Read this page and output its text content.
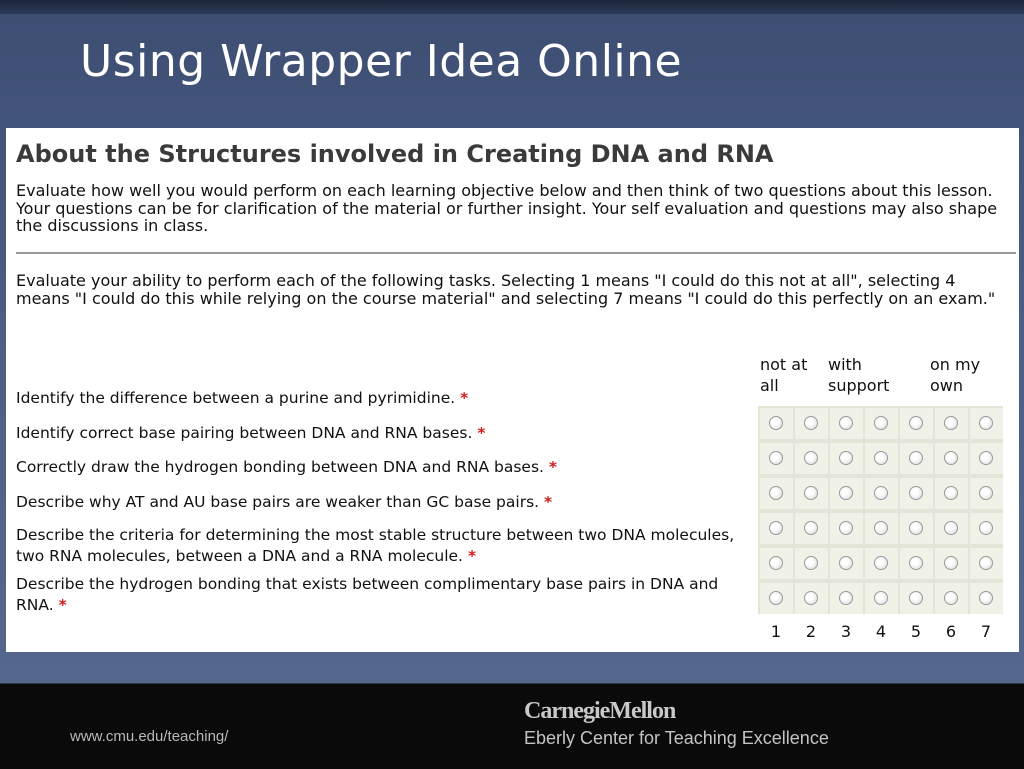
Using Wrapper Idea Online
About the Structures involved in Creating DNA and RNA

Evaluate how well you would perform on each learning objective below and then think of two questions about this lesson. Your questions can be for clarification of the material or further insight. Your self evaluation and questions may also shape the discussions in class.

Evaluate your ability to perform each of the following tasks. Selecting 1 means "I could do this not at all", selecting 4 means "I could do this while relying on the course material" and selecting 7 means "I could do this perfectly on an exam."

not at all
with support
on my own
Identify the difference between a purine and pyrimidine. *
Identify correct base pairing between DNA and RNA bases. *
Correctly draw the hydrogen bonding between DNA and RNA bases. *
Describe why AT and AU base pairs are weaker than GC base pairs. *
Describe the criteria for determining the most stable structure between two DNA molecules, two RNA molecules, between a DNA and a RNA molecule. *
Describe the hydrogen bonding that exists between complimentary base pairs in DNA and RNA. *
1	2	3	4	5	6	7
www.cmu.edu/teaching/
CarnegieMellon
Eberly Center for Teaching Excellence
